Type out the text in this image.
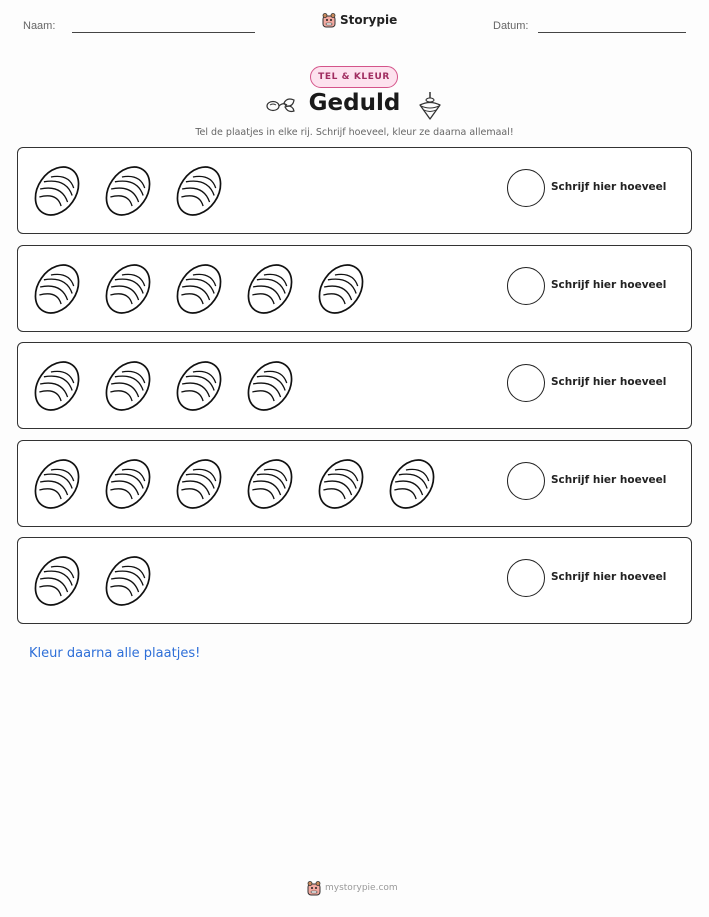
Naam:	Storypie	Datum:
TEL & KLEUR
Geduld
Tel de plaatjes in elke rij. Schrijf hoeveel, kleur ze daarna allemaal!
Schrijf hier hoeveel
Schrijf hier hoeveel
Schrijf hier hoeveel
Schrijf hier hoeveel
Schrijf hier hoeveel
Kleur daarna alle plaatjes!
mystorypie.com
